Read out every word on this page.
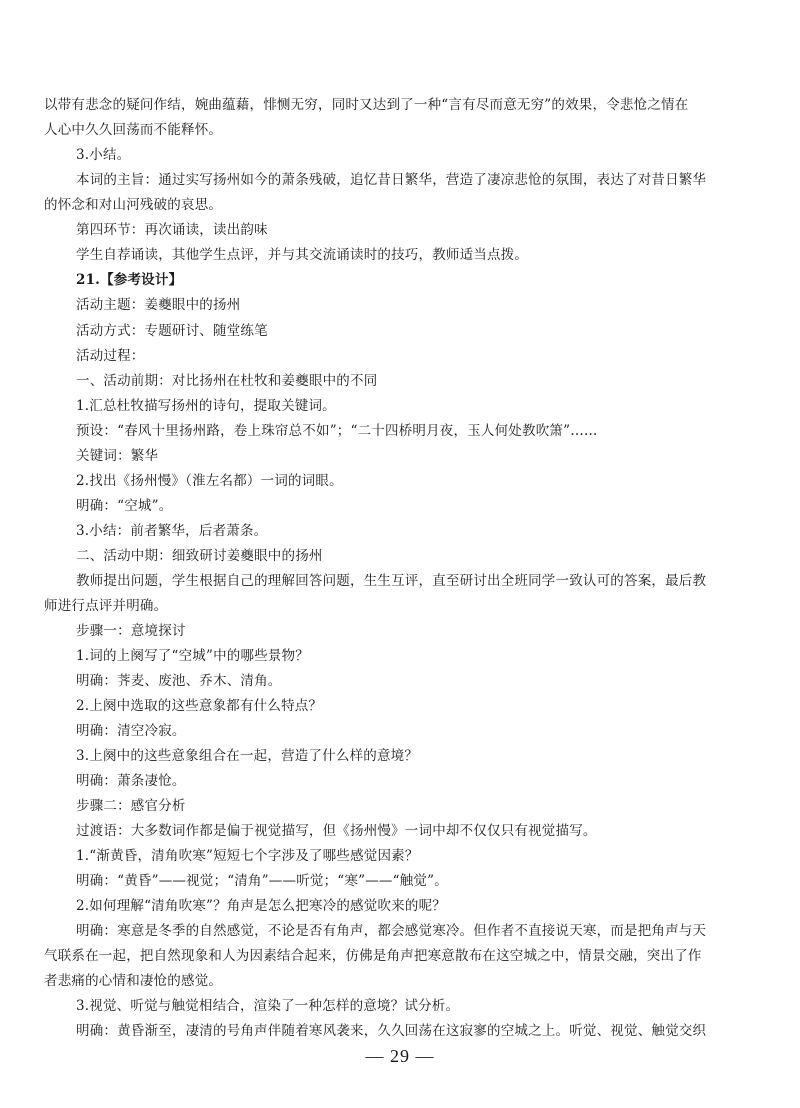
以带有悲念的疑问作结，婉曲蕴藉，悱恻无穷，同时又达到了一种“言有尽而意无穷”的效果，令悲怆之情在
人心中久久回荡而不能释怀。
3.小结。
本词的主旨：通过实写扬州如今的萧条残破，追忆昔日繁华，营造了凄凉悲怆的氛围，表达了对昔日繁华
的怀念和对山河残破的哀思。
第四环节：再次诵读，读出韵味
学生自荐诵读，其他学生点评，并与其交流诵读时的技巧，教师适当点拨。
21.【参考设计】
活动主题：姜夔眼中的扬州
活动方式：专题研讨、随堂练笔
活动过程：
一、活动前期：对比扬州在杜牧和姜夔眼中的不同
1.汇总杜牧描写扬州的诗句，提取关键词。
预设：“春风十里扬州路，卷上珠帘总不如”；“二十四桥明月夜，玉人何处教吹箫”……
关键词：繁华
2.找出《扬州慢》（淮左名都）一词的词眼。
明确：“空城”。
3.小结：前者繁华，后者萧条。
二、活动中期：细致研讨姜夔眼中的扬州
教师提出问题，学生根据自己的理解回答问题，生生互评，直至研讨出全班同学一致认可的答案，最后教
师进行点评并明确。
步骤一：意境探讨
1.词的上阕写了“空城”中的哪些景物？
明确：荠麦、废池、乔木、清角。
2.上阕中选取的这些意象都有什么特点？
明确：清空冷寂。
3.上阕中的这些意象组合在一起，营造了什么样的意境？
明确：萧条凄怆。
步骤二：感官分析
过渡语：大多数词作都是偏于视觉描写，但《扬州慢》一词中却不仅仅只有视觉描写。
1.“渐黄昏，清角吹寒”短短七个字涉及了哪些感觉因素？
明确：“黄昏”——视觉；“清角”——听觉；“寒”——“触觉”。
2.如何理解“清角吹寒”？角声是怎么把寒冷的感觉吹来的呢？
明确：寒意是冬季的自然感觉，不论是否有角声，都会感觉寒冷。但作者不直接说天寒，而是把角声与天
气联系在一起，把自然现象和人为因素结合起来，仿佛是角声把寒意散布在这空城之中，情景交融，突出了作
者悲痛的心情和凄怆的感觉。
3.视觉、听觉与触觉相结合，渲染了一种怎样的意境？试分析。
明确：黄昏渐至，凄清的号角声伴随着寒风袭来，久久回荡在这寂寥的空城之上。听觉、视觉、触觉交织
— 29 —
